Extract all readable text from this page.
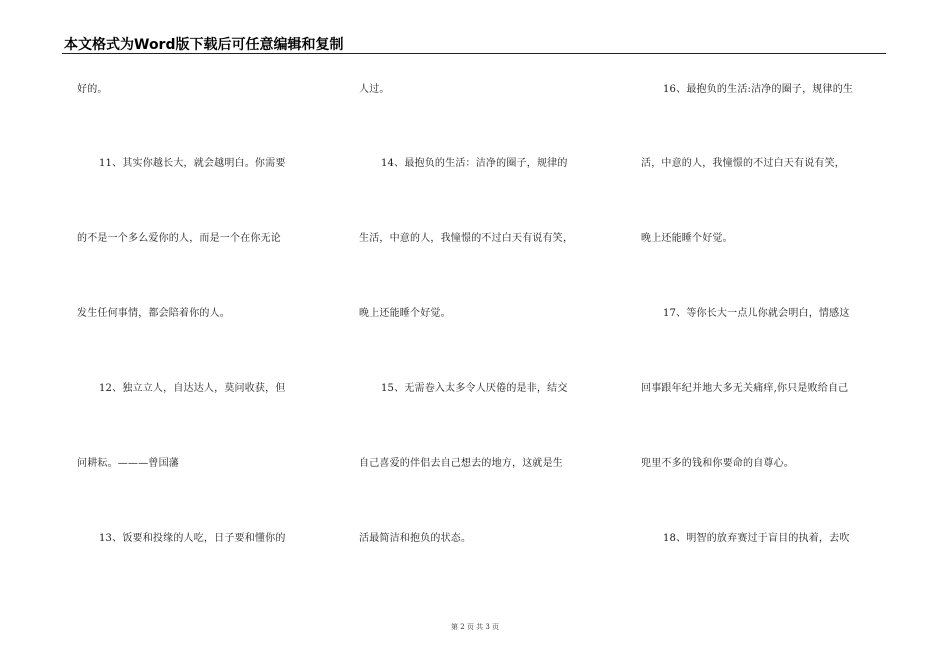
本文格式为Word版下载后可任意编辑和复制
好的。
11、其实你越长大，就会越明白。你需要
的不是一个多么爱你的人，而是一个在你无论
发生任何事情，都会陪着你的人。
12、独立立人，自达达人，莫问收获，但
问耕耘。———曾国藩
13、饭要和投缘的人吃，日子要和懂你的
人过。
14、最抱负的生活：洁净的圈子，规律的
生活，中意的人，我憧憬的不过白天有说有笑，
晚上还能睡个好觉。
15、无需卷入太多令人厌倦的是非，结交
自己喜爱的伴侣去自己想去的地方，这就是生
活最简洁和抱负的状态。
16、最抱负的生活:洁净的圈子，规律的生
活，中意的人，我憧憬的不过白天有说有笑，
晚上还能睡个好觉。
17、等你长大一点儿你就会明白，情感这
回事跟年纪并地大多无关痛痒,你只是败给自己
兜里不多的钱和你要命的自尊心。
18、明智的放弃赛过于盲目的执着，去吹
第 2 页 共 3 页
